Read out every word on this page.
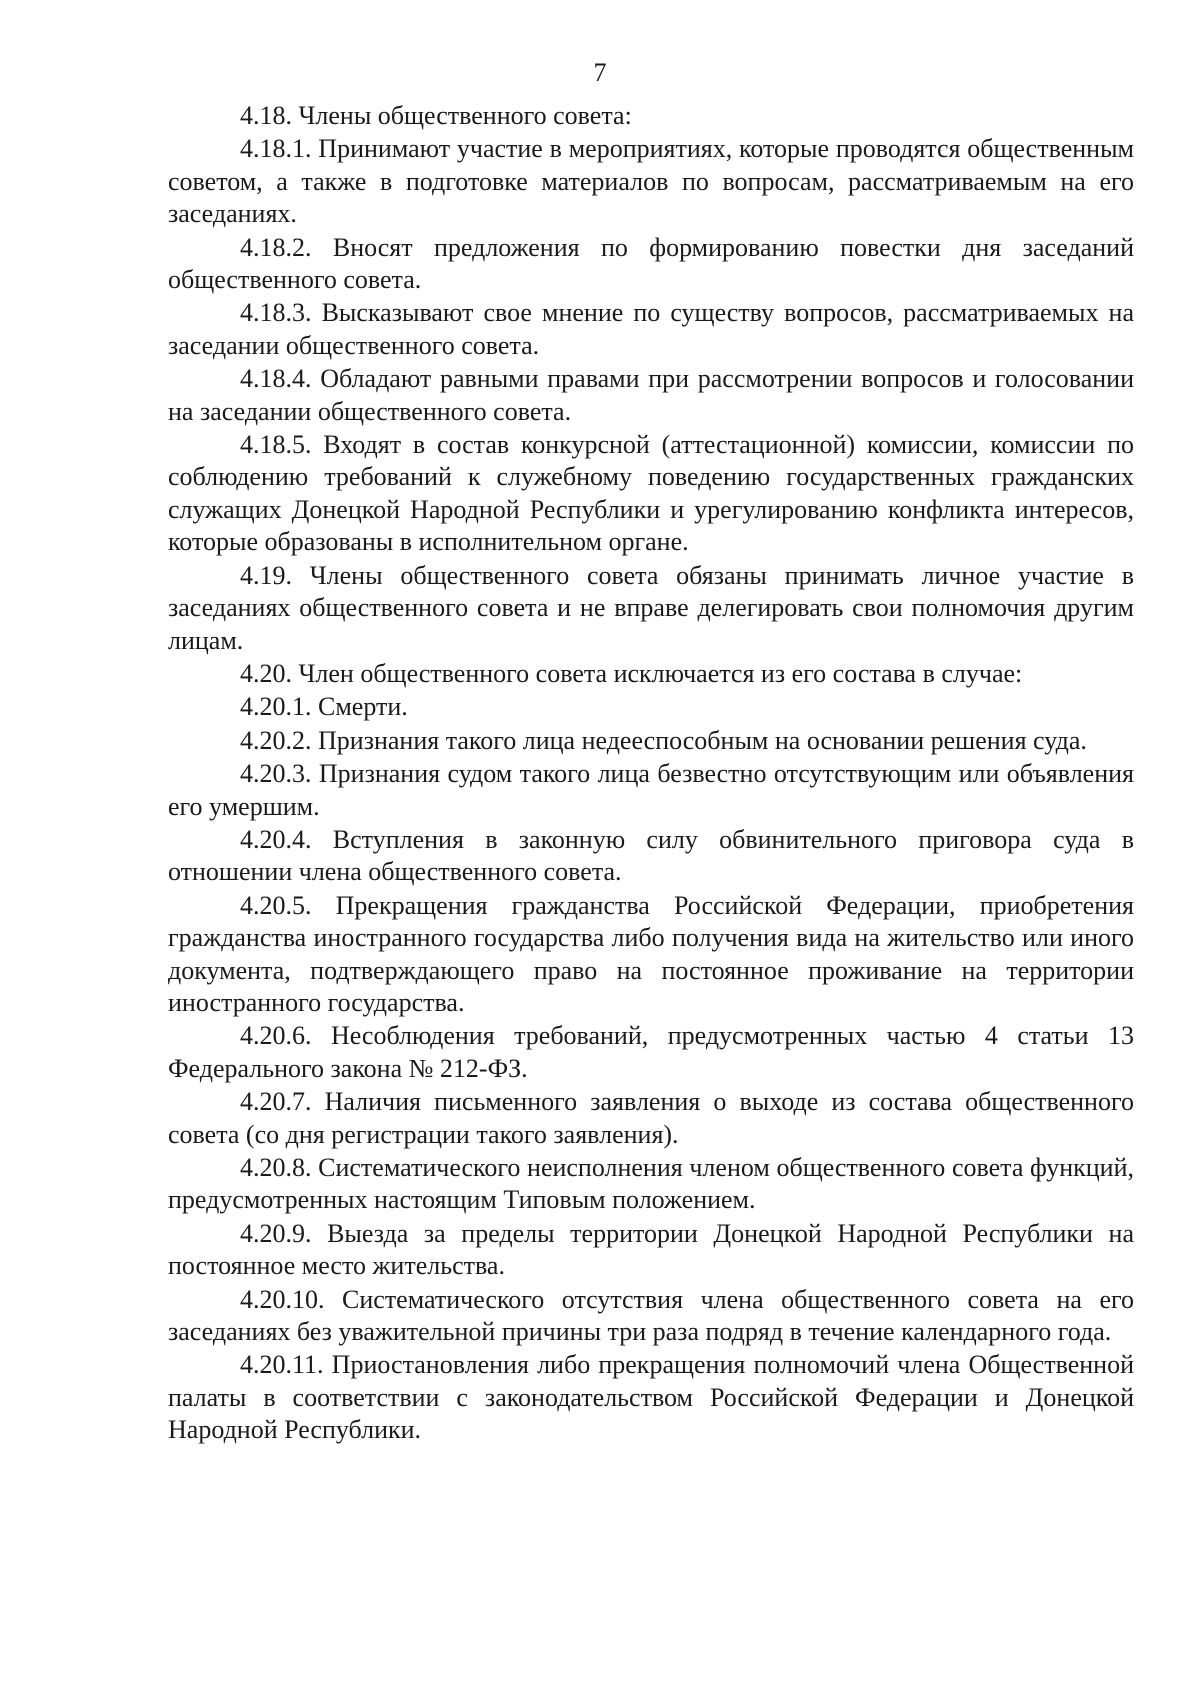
7

4.18. Члены общественного совета:

4.18.1. Принимают участие в мероприятиях, которые проводятся общественным советом, а также в подготовке материалов по вопросам, рассматриваемым на его заседаниях.

4.18.2. Вносят предложения по формированию повестки дня заседаний общественного совета.

4.18.3. Высказывают свое мнение по существу вопросов, рассматриваемых на заседании общественного совета.

4.18.4. Обладают равными правами при рассмотрении вопросов и голосовании на заседании общественного совета.

4.18.5. Входят в состав конкурсной (аттестационной) комиссии, комиссии по соблюдению требований к служебному поведению государственных гражданских служащих Донецкой Народной Республики и урегулированию конфликта интересов, которые образованы в исполнительном органе.

4.19. Члены общественного совета обязаны принимать личное участие в заседаниях общественного совета и не вправе делегировать свои полномочия другим лицам.

4.20. Член общественного совета исключается из его состава в случае:

4.20.1. Смерти.

4.20.2. Признания такого лица недееспособным на основании решения суда.

4.20.3. Признания судом такого лица безвестно отсутствующим или объявления его умершим.

4.20.4. Вступления в законную силу обвинительного приговора суда в отношении члена общественного совета.

4.20.5. Прекращения гражданства Российской Федерации, приобретения гражданства иностранного государства либо получения вида на жительство или иного документа, подтверждающего право на постоянное проживание на территории иностранного государства.

4.20.6. Несоблюдения требований, предусмотренных частью 4 статьи 13 Федерального закона № 212-ФЗ.

4.20.7. Наличия письменного заявления о выходе из состава общественного совета (со дня регистрации такого заявления).

4.20.8. Систематического неисполнения членом общественного совета функций, предусмотренных настоящим Типовым положением.

4.20.9. Выезда за пределы территории Донецкой Народной Республики на постоянное место жительства.

4.20.10. Систематического отсутствия члена общественного совета на его заседаниях без уважительной причины три раза подряд в течение календарного года.

4.20.11. Приостановления либо прекращения полномочий члена Общественной палаты в соответствии с законодательством Российской Федерации и Донецкой Народной Республики.
